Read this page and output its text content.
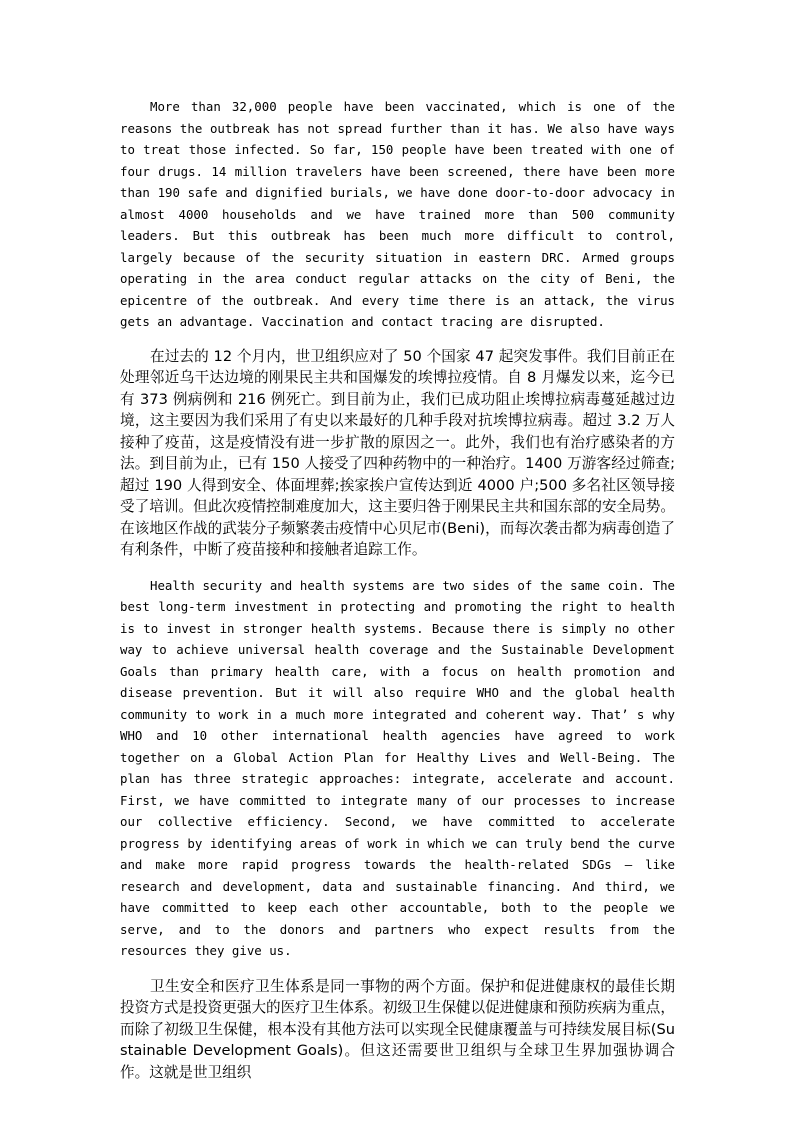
More than 32,000 people have been vaccinated, which is one of the reasons the outbreak has not spread further than it has. We also have ways to treat those infected. So far, 150 people have been treated with one of four drugs. 14 million travelers have been screened, there have been more than 190 safe and dignified burials, we have done door-to-door advocacy in almost 4000 households and we have trained more than 500 community leaders. But this outbreak has been much more difficult to control, largely because of the security situation in eastern DRC. Armed groups operating in the area conduct regular attacks on the city of Beni, the epicentre of the outbreak. And every time there is an attack, the virus gets an advantage. Vaccination and contact tracing are disrupted.

在过去的 12 个月内，世卫组织应对了 50 个国家 47 起突发事件。我们目前正在处理邻近乌干达边境的刚果民主共和国爆发的埃博拉疫情。自 8 月爆发以来，迄今已有 373 例病例和 216 例死亡。到目前为止，我们已成功阻止埃博拉病毒蔓延越过边境，这主要因为我们采用了有史以来最好的几种手段对抗埃博拉病毒。超过 3.2 万人接种了疫苗，这是疫情没有进一步扩散的原因之一。此外，我们也有治疗感染者的方法。到目前为止，已有 150 人接受了四种药物中的一种治疗。1400 万游客经过筛查;超过 190 人得到安全、体面埋葬;挨家挨户宣传达到近 4000 户;500 多名社区领导接受了培训。但此次疫情控制难度加大，这主要归咎于刚果民主共和国东部的安全局势。在该地区作战的武装分子频繁袭击疫情中心贝尼市(Beni)，而每次袭击都为病毒创造了有利条件，中断了疫苗接种和接触者追踪工作。

Health security and health systems are two sides of the same coin. The best long-term investment in protecting and promoting the right to health is to invest in stronger health systems. Because there is simply no other way to achieve universal health coverage and the Sustainable Development Goals than primary health care, with a focus on health promotion and disease prevention. But it will also require WHO and the global health community to work in a much more integrated and coherent way. That’ s why WHO and 10 other international health agencies have agreed to work together on a Global Action Plan for Healthy Lives and Well-Being. The plan has three strategic approaches: integrate, accelerate and account. First, we have committed to integrate many of our processes to increase our collective efficiency. Second, we have committed to accelerate progress by identifying areas of work in which we can truly bend the curve and make more rapid progress towards the health-related SDGs – like research and development, data and sustainable financing. And third, we have committed to keep each other accountable, both to the people we serve, and to the donors and partners who expect results from the resources they give us.

卫生安全和医疗卫生体系是同一事物的两个方面。保护和促进健康权的最佳长期投资方式是投资更强大的医疗卫生体系。初级卫生保健以促进健康和预防疾病为重点，而除了初级卫生保健，根本没有其他方法可以实现全民健康覆盖与可持续发展目标(Sustainable Development Goals)。但这还需要世卫组织与全球卫生界加强协调合作。这就是世卫组织
